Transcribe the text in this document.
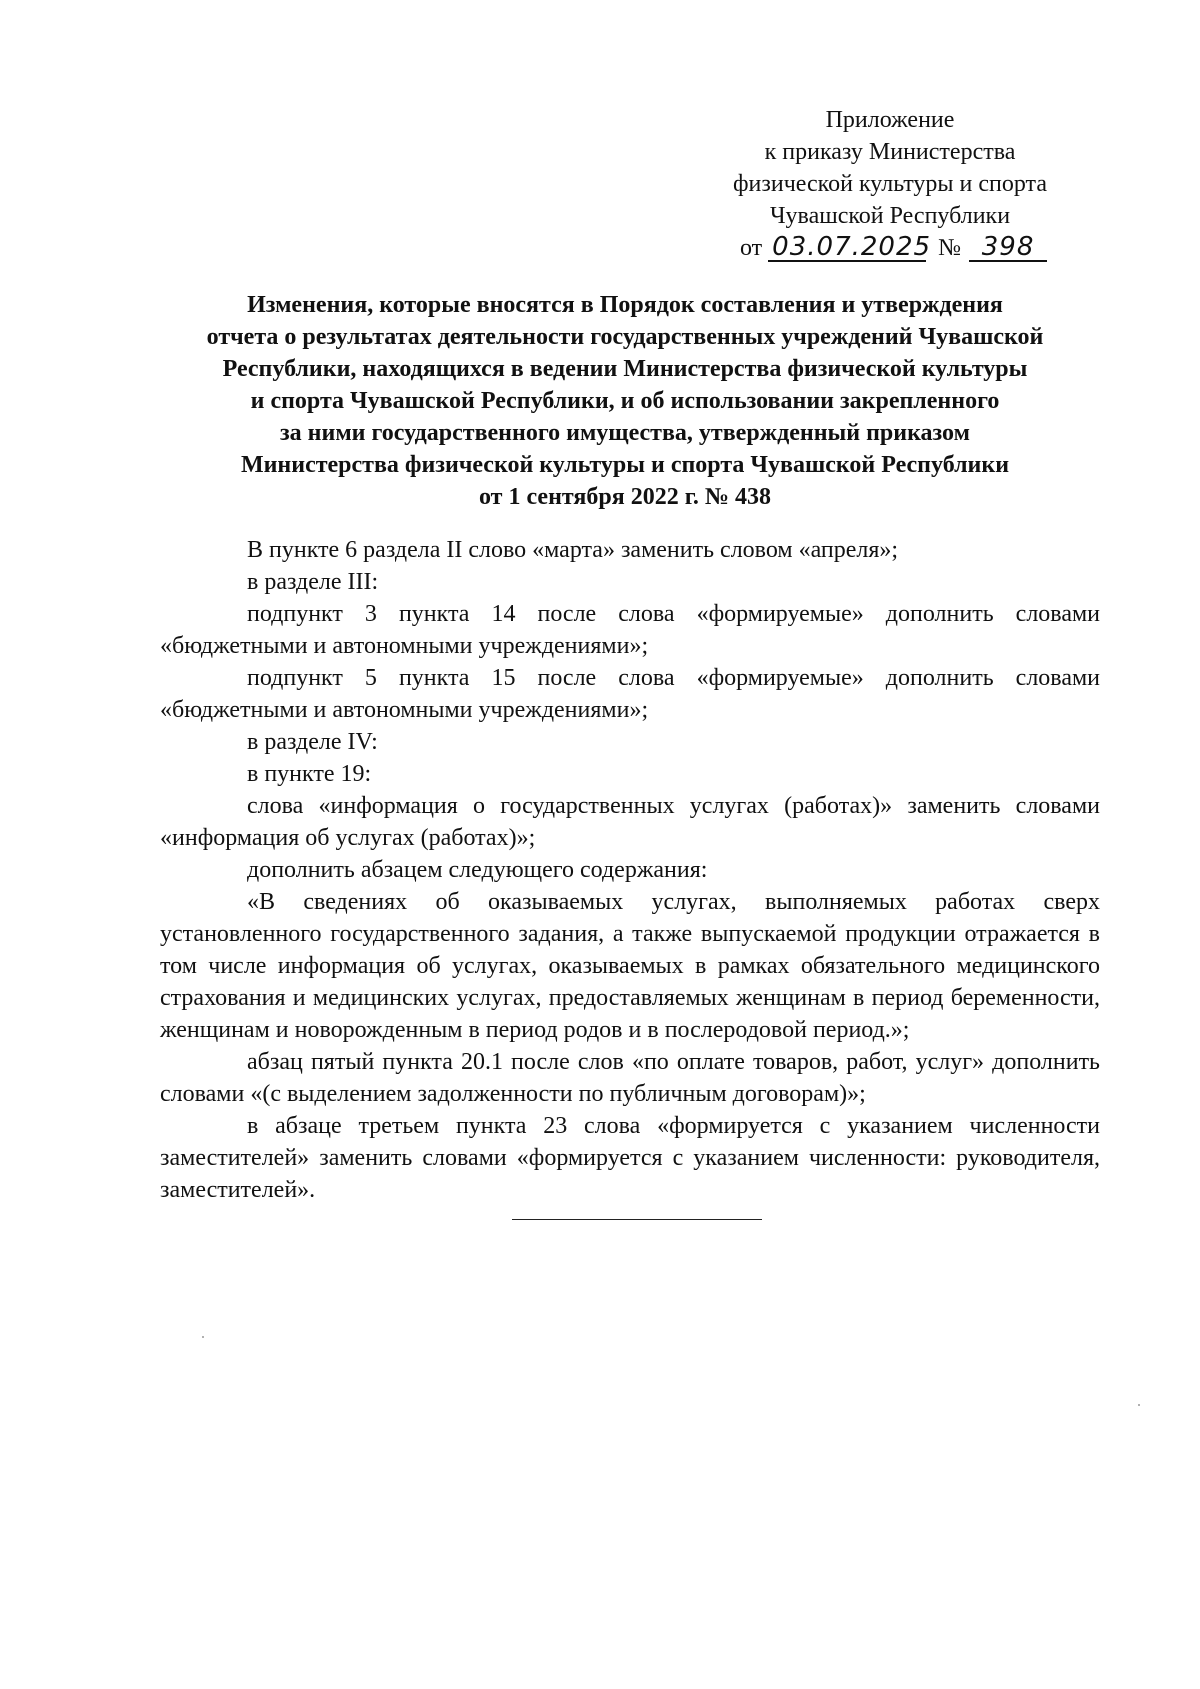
Приложение
к приказу Министерства
физической культуры и спорта
Чувашской Республики
от 03.07.2025 № 398
Изменения, которые вносятся в Порядок составления и утверждения
отчета о результатах деятельности государственных учреждений Чувашской
Республики, находящихся в ведении Министерства физической культуры
и спорта Чувашской Республики, и об использовании закрепленного
за ними государственного имущества, утвержденный приказом
Министерства физической культуры и спорта Чувашской Республики
от 1 сентября 2022 г. № 438

В пункте 6 раздела II слово «марта» заменить словом «апреля»;

в разделе III:

подпункт 3 пункта 14 после слова «формируемые» дополнить словами «бюджетными и автономными учреждениями»;

подпункт 5 пункта 15 после слова «формируемые» дополнить словами «бюджетными и автономными учреждениями»;

в разделе IV:

в пункте 19:

слова «информация о государственных услугах (работах)» заменить словами «информация об услугах (работах)»;

дополнить абзацем следующего содержания:

«В сведениях об оказываемых услугах, выполняемых работах сверх установленного государственного задания, а также выпускаемой продукции отражается в том числе информация об услугах, оказываемых в рамках обязательного медицинского страхования и медицинских услугах, предоставляемых женщинам в период беременности, женщинам и новорожденным в период родов и в послеродовой период.»;

абзац пятый пункта 20.1 после слов «по оплате товаров, работ, услуг» дополнить словами «(с выделением задолженности по публичным договорам)»;

в абзаце третьем пункта 23 слова «формируется с указанием численности заместителей» заменить словами «формируется с указанием численности: руководителя, заместителей».
